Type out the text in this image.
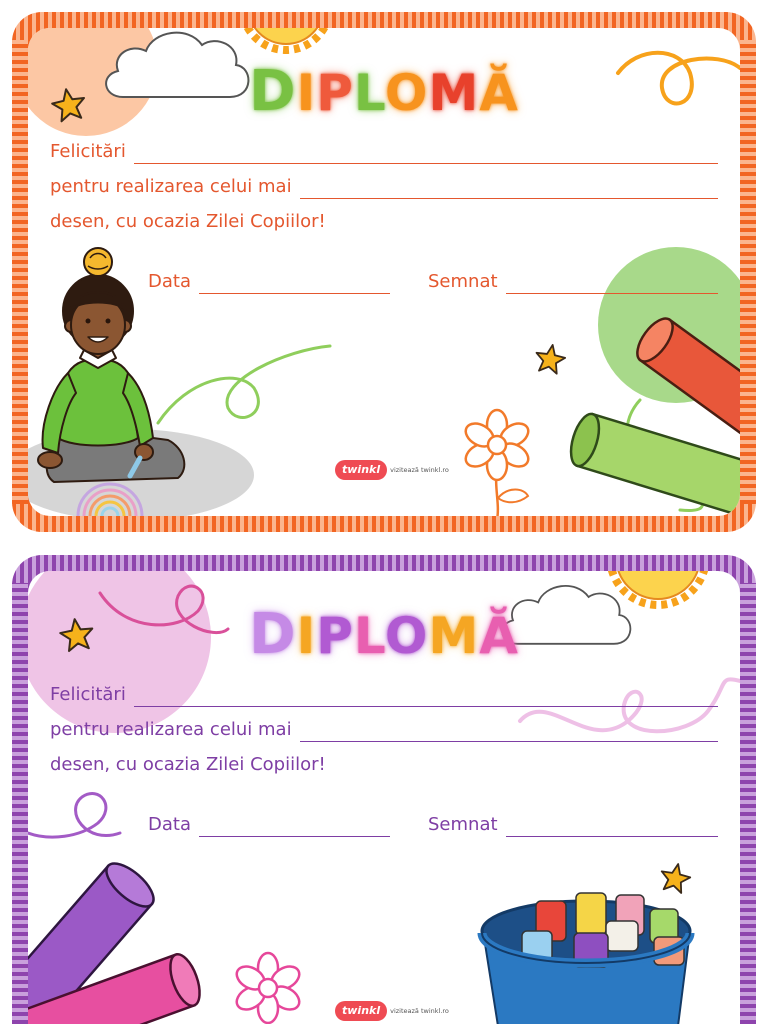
DIPLOMĂ
Felicitări
pentru realizarea celui mai
desen, cu ocazia Zilei Copiilor!
Data	Semnat
twinkl	vizitează twinkl.ro
DIPLOMĂ
Felicitări
pentru realizarea celui mai
desen, cu ocazia Zilei Copiilor!
Data	Semnat
twinkl	vizitează twinkl.ro
